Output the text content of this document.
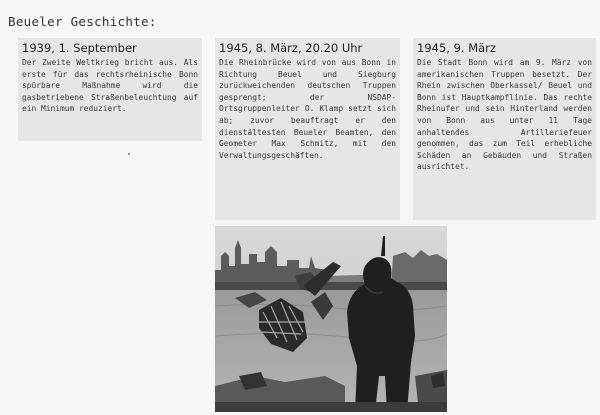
Beueler Geschichte:
1939, 1. September

Der Zweite Weltkrieg bricht aus. Als erste für das rechtsrheinische Bonn spürbare Maßnahme wird die gasbetriebene Straßenbeleuchtung auf ein Minimum reduziert.

1945, 8. März, 20.20 Uhr

Die Rheinbrücke wird von aus Bonn in Richtung Beuel und Siegburg zurückweichenden deutschen Truppen gesprengt; der NSDAP-Ortsgruppenleiter O. Klamp setzt sich ab; zuvor beauftragt er den dienstältesten Beueler Beamten, den Geometer Max Schmitz, mit den Verwaltungsgeschäften.

1945, 9. März

Die Stadt Bonn wird am 9. März von amerikanischen Truppen besetzt. Der Rhein zwischen Oberkassel/ Beuel und Bonn ist Hauptkampflinie. Das rechte Rheinufer und sein Hinterland werden von Bonn aus unter 11 Tage anhaltendes Artilleriefeuer genommen, das zum Teil erhebliche Schäden an Gebäuden und Straßen ausrichtet.
